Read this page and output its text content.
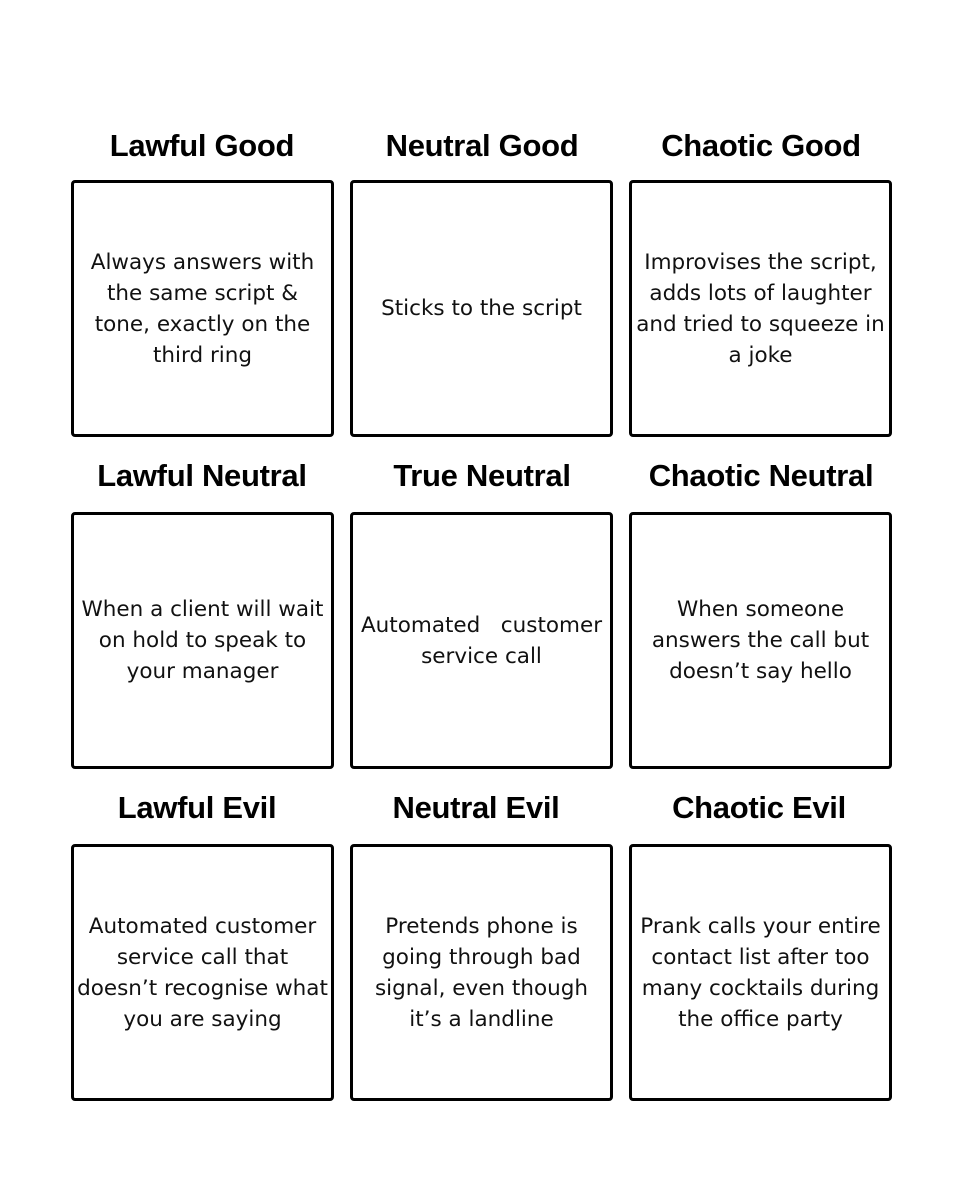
Lawful Good	Neutral Good	Chaotic Good
Always answers with the same script & tone, exactly on the third ring
Sticks to the script
Improvises the script, adds lots of laughter and tried to squeeze in a joke
Lawful Neutral	True Neutral	Chaotic Neutral
When a client will wait on hold to speak to your manager
Automated   customer service call
When someone answers the call but doesn’t say hello
Lawful Evil	Neutral Evil	Chaotic Evil
Automated customer service call that doesn’t recognise what you are saying
Pretends phone is going through bad signal, even though it’s a landline
Prank calls your entire contact list after too many cocktails during the office party
